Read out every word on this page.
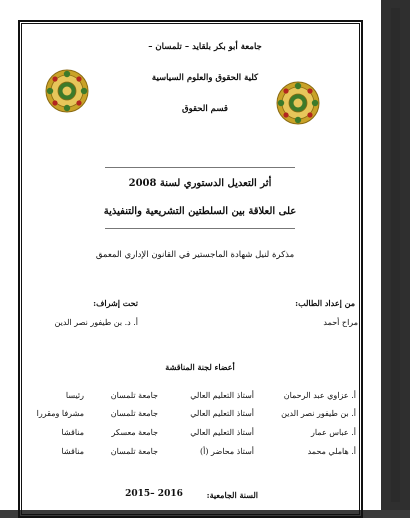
جامعة أبو بكر بلقايد – تلمسان –
كلية الحقوق والعلوم السياسية
قسم الحقوق
أثر التعديل الدستوري لسنة 2008
على العلاقة بين السلطتين التشريعية والتنفيذية
مذكرة لنيل شهادة الماجستير في القانون الإداري المعمق
من إعداد الطالب:
مراح أحمد
تحت إشراف:
أ. د. بن طيفور نصر الدين
أعضاء لجنة المناقشة
أ. عزاوي عبد الرحمان
أستاذ التعليم العالي
جامعة تلمسان
رئيسا
أ. بن طيفور نصر الدين
أستاذ التعليم العالي
جامعة تلمسان
مشرفا ومقررا
أ. عباس عمار
أستاذ التعليم العالي
جامعة معسكر
مناقشا
أ. هاملي محمد
أستاذ محاضر (أ)
جامعة تلمسان
مناقشا
السنة الجامعية:
2015– 2016
